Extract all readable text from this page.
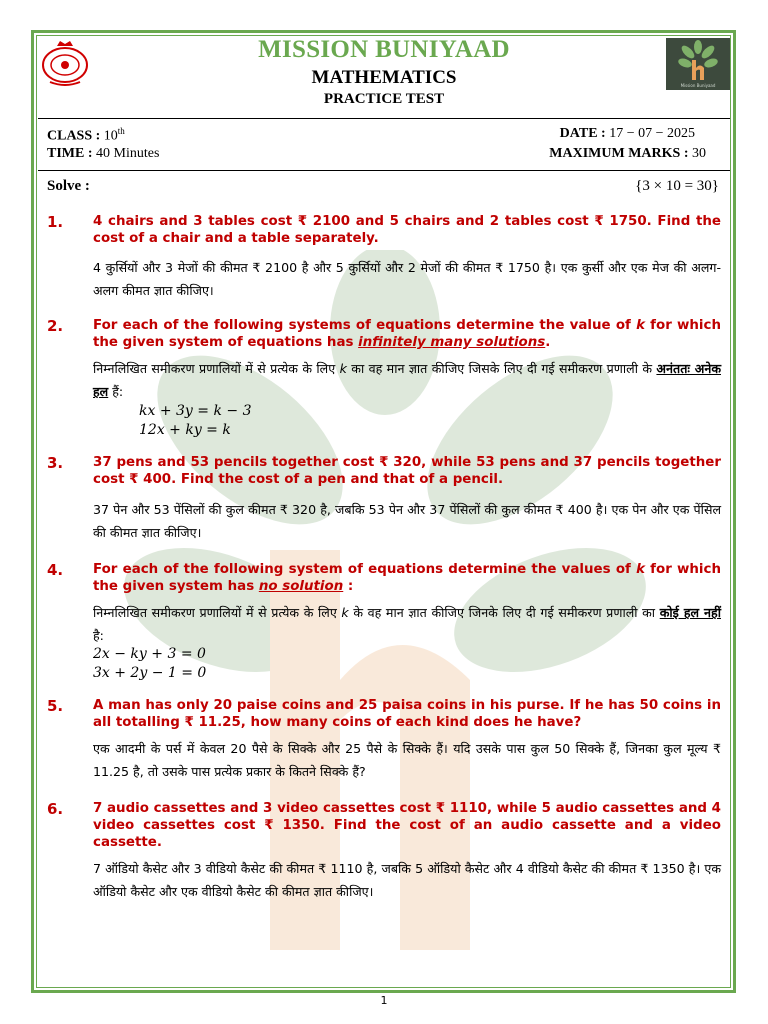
Mission Buniyaad
MISSION BUNIYAAD
MATHEMATICS
PRACTICE TEST
CLASS : 10th
TIME : 40 Minutes
DATE : 17 − 07 − 2025
MAXIMUM MARKS : 30
Solve :	{3 × 10 = 30}
1. 4 chairs and 3 tables cost ₹ 2100 and 5 chairs and 2 tables cost ₹ 1750. Find the cost of a chair and a table separately.
4 कुर्सियों और 3 मेजों की कीमत ₹ 2100 है और 5 कुर्सियों और 2 मेजों की कीमत ₹ 1750 है। एक कुर्सी और एक मेज की अलग-अलग कीमत ज्ञात कीजिए।
2. For each of the following systems of equations determine the value of k for which the given system of equations has infinitely many solutions.
निम्नलिखित समीकरण प्रणालियों में से प्रत्येक के लिए k का वह मान ज्ञात कीजिए जिसके लिए दी गई समीकरण प्रणाली के अनंततः अनेक हल हैं:
kx + 3y = k − 3
12x + ky = k
3. 37 pens and 53 pencils together cost ₹ 320, while 53 pens and 37 pencils together cost ₹ 400. Find the cost of a pen and that of a pencil.
37 पेन और 53 पेंसिलों की कुल कीमत ₹ 320 है, जबकि 53 पेन और 37 पेंसिलों की कुल कीमत ₹ 400 है। एक पेन और एक पेंसिल की कीमत ज्ञात कीजिए।
4. For each of the following system of equations determine the values of k for which the given system has no solution :
निम्नलिखित समीकरण प्रणालियों में से प्रत्येक के लिए k के वह मान ज्ञात कीजिए जिनके लिए दी गई समीकरण प्रणाली का कोई हल नहीं है:
2x − ky + 3 = 0
3x + 2y − 1 = 0
5. A man has only 20 paise coins and 25 paisa coins in his purse. If he has 50 coins in all totalling ₹ 11.25, how many coins of each kind does he have?
एक आदमी के पर्स में केवल 20 पैसे के सिक्के और 25 पैसे के सिक्के हैं। यदि उसके पास कुल 50 सिक्के हैं, जिनका कुल मूल्य ₹ 11.25 है, तो उसके पास प्रत्येक प्रकार के कितने सिक्के हैं?
6. 7 audio cassettes and 3 video cassettes cost ₹ 1110, while 5 audio cassettes and 4 video cassettes cost ₹ 1350. Find the cost of an audio cassette and a video cassette.
7 ऑडियो कैसेट और 3 वीडियो कैसेट की कीमत ₹ 1110 है, जबकि 5 ऑडियो कैसेट और 4 वीडियो कैसेट की कीमत ₹ 1350 है। एक ऑडियो कैसेट और एक वीडियो कैसेट की कीमत ज्ञात कीजिए।
1
